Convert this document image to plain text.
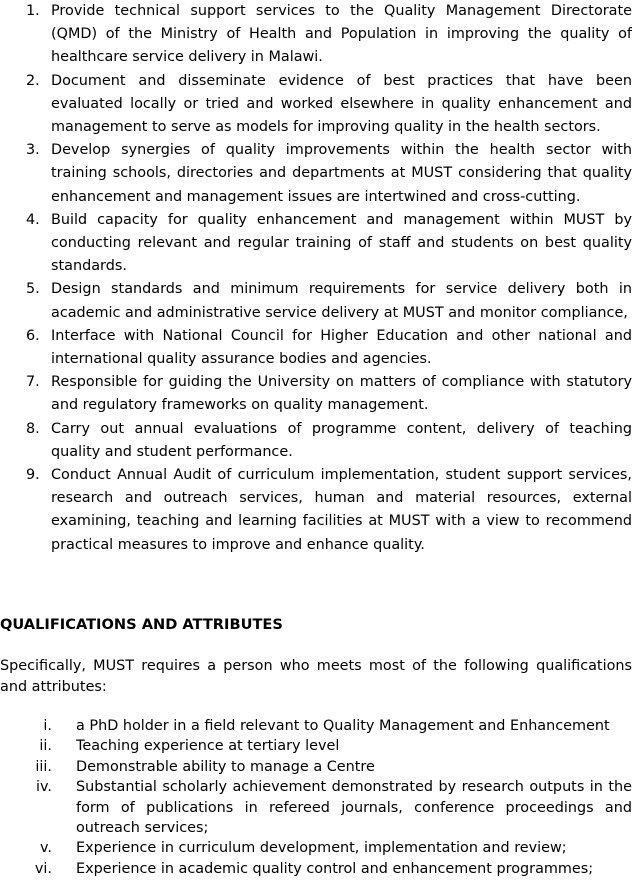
1. Provide technical support services to the Quality Management Directorate (QMD) of the Ministry of Health and Population in improving the quality of healthcare service delivery in Malawi.
2. Document and disseminate evidence of best practices that have been evaluated locally or tried and worked elsewhere in quality enhancement and management to serve as models for improving quality in the health sectors.
3. Develop synergies of quality improvements within the health sector with training schools, directories and departments at MUST considering that quality enhancement and management issues are intertwined and cross-cutting.
4. Build capacity for quality enhancement and management within MUST by conducting relevant and regular training of staff and students on best quality standards.
5. Design standards and minimum requirements for service delivery both in academic and administrative service delivery at MUST and monitor compliance,
6. Interface with National Council for Higher Education and other national and international quality assurance bodies and agencies.
7. Responsible for guiding the University on matters of compliance with statutory and regulatory frameworks on quality management.
8. Carry out annual evaluations of programme content, delivery of teaching quality and student performance.
9. Conduct Annual Audit of curriculum implementation, student support services, research and outreach services, human and material resources, external examining, teaching and learning facilities at MUST with a view to recommend practical measures to improve and enhance quality.
QUALIFICATIONS AND ATTRIBUTES

Specifically, MUST requires a person who meets most of the following qualifications and attributes:

i. a PhD holder in a field relevant to Quality Management and Enhancement
ii. Teaching experience at tertiary level
iii. Demonstrable ability to manage a Centre
iv. Substantial scholarly achievement demonstrated by research outputs in the form of publications in refereed journals, conference proceedings and outreach services;
v. Experience in curriculum development, implementation and review;
vi. Experience in academic quality control and enhancement programmes;
